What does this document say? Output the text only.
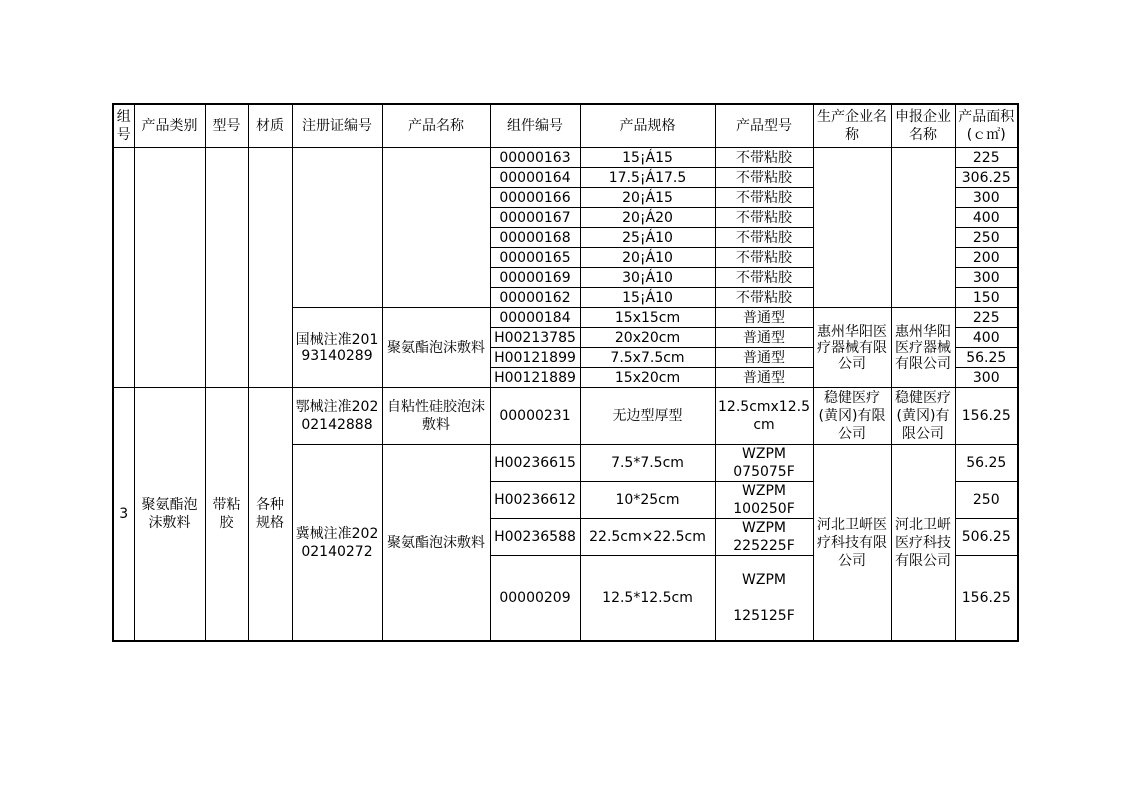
组号	产品类别	型号	材质	注册证编号	产品名称	组件编号	产品规格	产品型号	生产企业名称	申报企业名称	产品面积(ｃ㎡)
						00000163	15¡Á15	不带粘胶			225
						00000164	17.5¡Á17.5	不带粘胶			306.25
						00000166	20¡Á15	不带粘胶			300
						00000167	20¡Á20	不带粘胶			400
						00000168	25¡Á10	不带粘胶			250
						00000165	20¡Á10	不带粘胶			200
						00000169	30¡Á10	不带粘胶			300
						00000162	15¡Á10	不带粘胶			150
				国械注准20193140289	聚氨酯泡沫敷料	00000184	15x15cm	普通型	惠州华阳医疗器械有限公司	惠州华阳医疗器械有限公司	225
						H00213785	20x20cm	普通型			400
						H00121899	7.5x7.5cm	普通型			56.25
						H00121889	15x20cm	普通型			300
3	聚氨酯泡沫敷料	带粘胶	各种规格	鄂械注准20202142888	自粘性硅胶泡沫敷料	00000231	无边型厚型	12.5cmx12.5cm	稳健医疗(黄冈)有限公司	稳健医疗(黄冈)有限公司	156.25
				冀械注准20202140272	聚氨酯泡沫敷料	H00236615	7.5*7.5cm	WZPM
075075F	河北卫岍医疗科技有限公司	河北卫岍医疗科技有限公司	56.25
						H00236612	10*25cm	WZPM
100250F			250
						H00236588	22.5cm×22.5cm	WZPM
225225F			506.25
						00000209	12.5*12.5cm	WZPM
125125F			156.25
